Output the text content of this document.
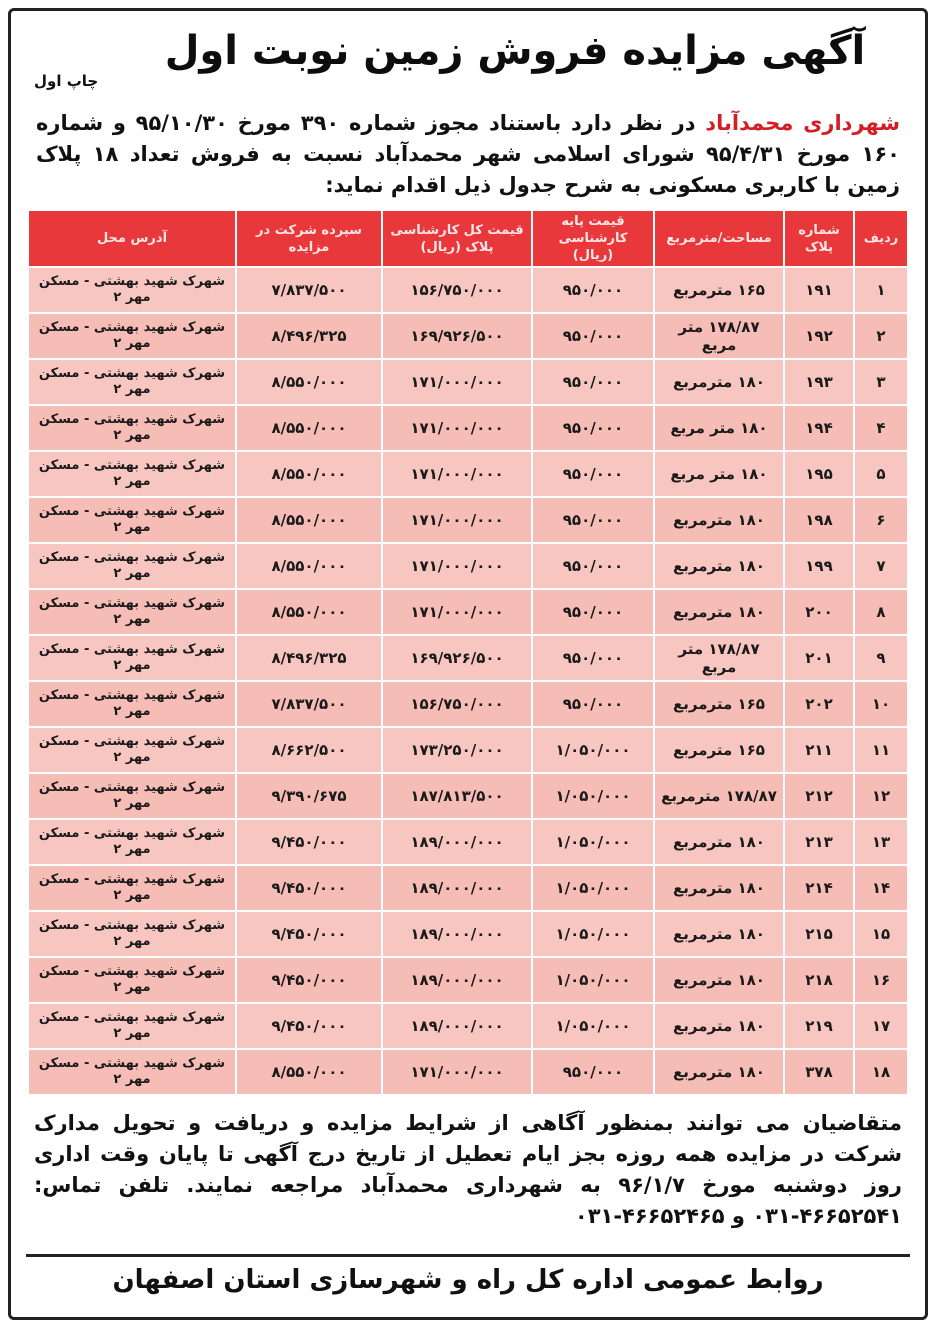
آگهی مزایده فروش زمین نوبت اول
چاپ اول

شهرداری محمدآباد در نظر دارد باستناد مجوز شماره ۳۹۰ مورخ ۹۵/۱۰/۳۰ و شماره ۱۶۰ مورخ ۹۵/۴/۳۱ شورای اسلامی شهر محمدآباد نسبت به فروش تعداد ۱۸ پلاک زمین با کاربری مسکونی به شرح جدول ذیل اقدام نماید:

ردیف	شماره پلاک	مساحت/مترمربع	قیمت پایه کارشناسی (ریال)	قیمت کل کارشناسی پلاک (ریال)	سپرده شرکت در مزایده	آدرس محل
۱	۱۹۱	۱۶۵ مترمربع	۹۵۰/۰۰۰	۱۵۶/۷۵۰/۰۰۰	۷/۸۳۷/۵۰۰	شهرک شهید بهشتی - مسکن مهر ۲
۲	۱۹۲	۱۷۸/۸۷ متر مربع	۹۵۰/۰۰۰	۱۶۹/۹۲۶/۵۰۰	۸/۴۹۶/۳۲۵	شهرک شهید بهشتی - مسکن مهر ۲
۳	۱۹۳	۱۸۰ مترمربع	۹۵۰/۰۰۰	۱۷۱/۰۰۰/۰۰۰	۸/۵۵۰/۰۰۰	شهرک شهید بهشتی - مسکن مهر ۲
۴	۱۹۴	۱۸۰ متر مربع	۹۵۰/۰۰۰	۱۷۱/۰۰۰/۰۰۰	۸/۵۵۰/۰۰۰	شهرک شهید بهشتی - مسکن مهر ۲
۵	۱۹۵	۱۸۰ متر مربع	۹۵۰/۰۰۰	۱۷۱/۰۰۰/۰۰۰	۸/۵۵۰/۰۰۰	شهرک شهید بهشتی - مسکن مهر ۲
۶	۱۹۸	۱۸۰ مترمربع	۹۵۰/۰۰۰	۱۷۱/۰۰۰/۰۰۰	۸/۵۵۰/۰۰۰	شهرک شهید بهشتی - مسکن مهر ۲
۷	۱۹۹	۱۸۰ مترمربع	۹۵۰/۰۰۰	۱۷۱/۰۰۰/۰۰۰	۸/۵۵۰/۰۰۰	شهرک شهید بهشتی - مسکن مهر ۲
۸	۲۰۰	۱۸۰ مترمربع	۹۵۰/۰۰۰	۱۷۱/۰۰۰/۰۰۰	۸/۵۵۰/۰۰۰	شهرک شهید بهشتی - مسکن مهر ۲
۹	۲۰۱	۱۷۸/۸۷ متر مربع	۹۵۰/۰۰۰	۱۶۹/۹۲۶/۵۰۰	۸/۴۹۶/۳۲۵	شهرک شهید بهشتی - مسکن مهر ۲
۱۰	۲۰۲	۱۶۵ مترمربع	۹۵۰/۰۰۰	۱۵۶/۷۵۰/۰۰۰	۷/۸۳۷/۵۰۰	شهرک شهید بهشتی - مسکن مهر ۲
۱۱	۲۱۱	۱۶۵ مترمربع	۱/۰۵۰/۰۰۰	۱۷۳/۲۵۰/۰۰۰	۸/۶۶۲/۵۰۰	شهرک شهید بهشتی - مسکن مهر ۲
۱۲	۲۱۲	۱۷۸/۸۷ مترمربع	۱/۰۵۰/۰۰۰	۱۸۷/۸۱۳/۵۰۰	۹/۳۹۰/۶۷۵	شهرک شهید بهشتی - مسکن مهر ۲
۱۳	۲۱۳	۱۸۰ مترمربع	۱/۰۵۰/۰۰۰	۱۸۹/۰۰۰/۰۰۰	۹/۴۵۰/۰۰۰	شهرک شهید بهشتی - مسکن مهر ۲
۱۴	۲۱۴	۱۸۰ مترمربع	۱/۰۵۰/۰۰۰	۱۸۹/۰۰۰/۰۰۰	۹/۴۵۰/۰۰۰	شهرک شهید بهشتی - مسکن مهر ۲
۱۵	۲۱۵	۱۸۰ مترمربع	۱/۰۵۰/۰۰۰	۱۸۹/۰۰۰/۰۰۰	۹/۴۵۰/۰۰۰	شهرک شهید بهشتی - مسکن مهر ۲
۱۶	۲۱۸	۱۸۰ مترمربع	۱/۰۵۰/۰۰۰	۱۸۹/۰۰۰/۰۰۰	۹/۴۵۰/۰۰۰	شهرک شهید بهشتی - مسکن مهر ۲
۱۷	۲۱۹	۱۸۰ مترمربع	۱/۰۵۰/۰۰۰	۱۸۹/۰۰۰/۰۰۰	۹/۴۵۰/۰۰۰	شهرک شهید بهشتی - مسکن مهر ۲
۱۸	۳۷۸	۱۸۰ مترمربع	۹۵۰/۰۰۰	۱۷۱/۰۰۰/۰۰۰	۸/۵۵۰/۰۰۰	شهرک شهید بهشتی - مسکن مهر ۲

متقاضیان می توانند بمنظور آگاهی از شرایط مزایده و دریافت و تحویل مدارک شرکت در مزایده همه روزه بجز ایام تعطیل از تاریخ درج آگهی تا پایان وقت اداری روز دوشنبه مورخ ۹۶/۱/۷ به شهرداری محمدآباد مراجعه نمایند. تلفن تماس: ۰۳۱-۴۶۶۵۲۵۴۱ و ۰۳۱-۴۶۶۵۲۴۶۵

روابط عمومی اداره کل راه و شهرسازی استان اصفهان
